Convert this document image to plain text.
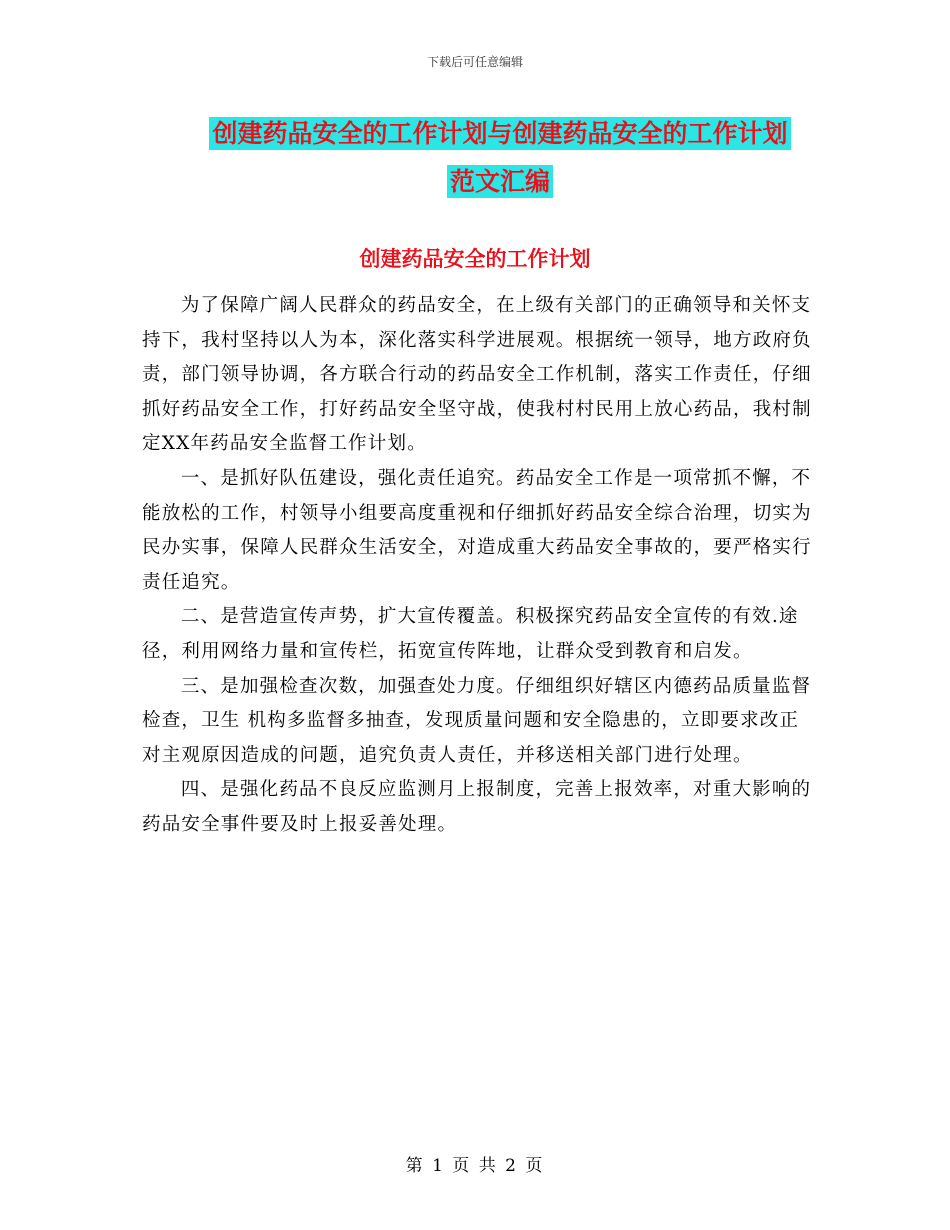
下载后可任意编辑
创建药品安全的工作计划与创建药品安全的工作计划
范文汇编
创建药品安全的工作计划

为了保障广阔人民群众的药品安全，在上级有关部门的正确领导和关怀支持下，我村坚持以人为本，深化落实科学进展观。根据统一领导，地方政府负责，部门领导协调，各方联合行动的药品安全工作机制，落实工作责任，仔细抓好药品安全工作，打好药品安全坚守战，使我村村民用上放心药品，我村制定XX年药品安全监督工作计划。

一、是抓好队伍建设，强化责任追究。药品安全工作是一项常抓不懈，不能放松的工作，村领导小组要高度重视和仔细抓好药品安全综合治理，切实为民办实事，保障人民群众生活安全，对造成重大药品安全事故的，要严格实行责任追究。

二、是营造宣传声势，扩大宣传覆盖。积极探究药品安全宣传的有效.途径，利用网络力量和宣传栏，拓宽宣传阵地，让群众受到教育和启发。

三、是加强检查次数，加强查处力度。仔细组织好辖区内德药品质量监督检查，卫生 机构多监督多抽查，发现质量问题和安全隐患的，立即要求改正对主观原因造成的问题，追究负责人责任，并移送相关部门进行处理。

四、是强化药品不良反应监测月上报制度，完善上报效率，对重大影响的药品安全事件要及时上报妥善处理。

第 1 页 共 2 页
